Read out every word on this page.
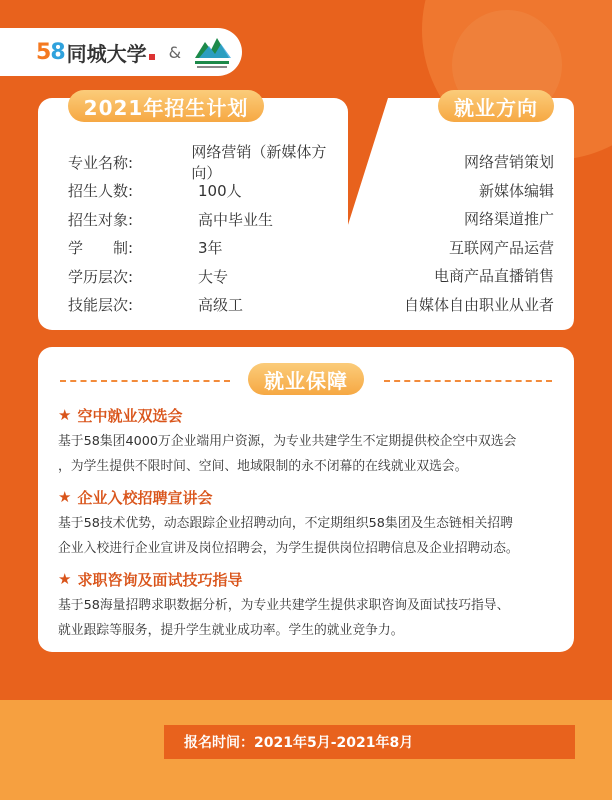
58 同城大学 &
2021年招生计划
专业名称:
网络营销（新媒体方向）
招生人数:	100人
招生对象:	高中毕业生
学　　制:	3年
学历层次:	大专
技能层次:	高级工
就业方向
网络营销策划
新媒体编辑
网络渠道推广
互联网产品运营
电商产品直播销售
自媒体自由职业从业者
就业保障
★ 空中就业双选会
基于58集团4000万企业端用户资源，为专业共建学生不定期提供校企空中双选会
，为学生提供不限时间、空间、地域限制的永不闭幕的在线就业双选会。
★ 企业入校招聘宣讲会
基于58技术优势，动态跟踪企业招聘动向，不定期组织58集团及生态链相关招聘
企业入校进行企业宣讲及岗位招聘会，为学生提供岗位招聘信息及企业招聘动态。
★ 求职咨询及面试技巧指导
基于58海量招聘求职数据分析，为专业共建学生提供求职咨询及面试技巧指导、
就业跟踪等服务，提升学生就业成功率。学生的就业竞争力。
报名时间：2021年5月-2021年8月
